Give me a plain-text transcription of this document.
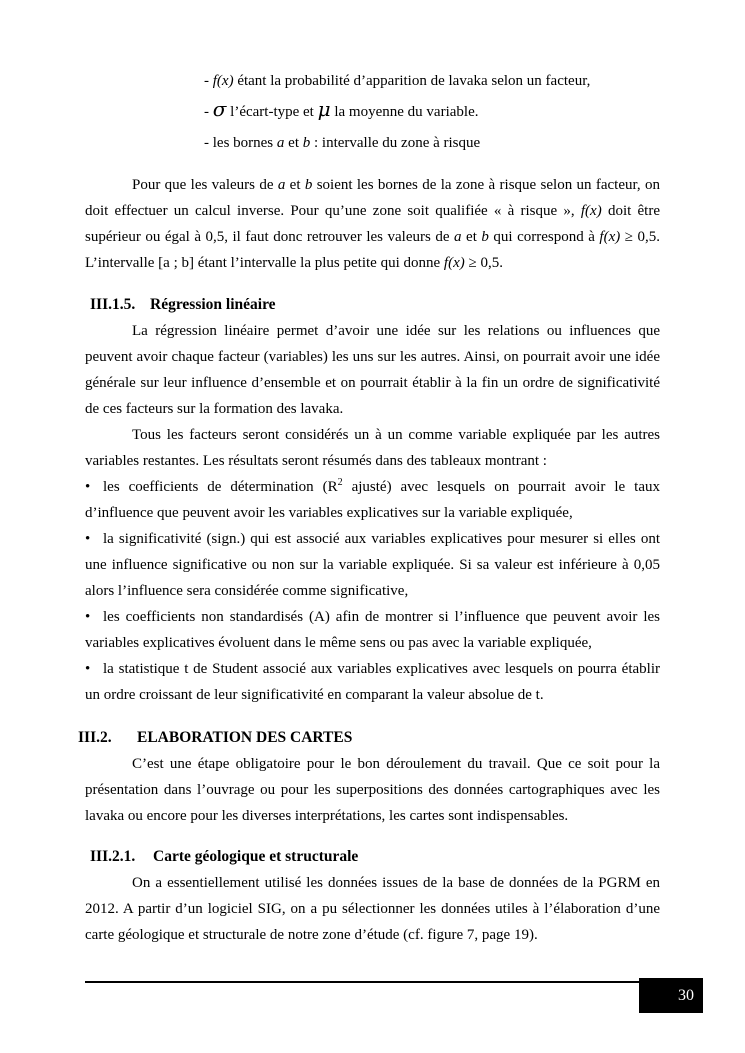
- f(x) étant la probabilité d’apparition de lavaka selon un facteur,

- σ l’écart-type et μ la moyenne du variable.

- les bornes a et b : intervalle du zone à risque

Pour que les valeurs de a et b soient les bornes de la zone à risque selon un facteur, on doit effectuer un calcul inverse. Pour qu’une zone soit qualifiée « à risque », f(x) doit être supérieur ou égal à 0,5, il faut donc retrouver les valeurs de a et b qui correspond à f(x) ≥ 0,5. L’intervalle [a ; b] étant l’intervalle la plus petite qui donne f(x) ≥ 0,5.

III.1.5. Régression linéaire

La régression linéaire permet d’avoir une idée sur les relations ou influences que peuvent avoir chaque facteur (variables) les uns sur les autres. Ainsi, on pourrait avoir une idée générale sur leur influence d’ensemble et on pourrait établir à la fin un ordre de significativité de ces facteurs sur la formation des lavaka.

Tous les facteurs seront considérés un à un comme variable expliquée par les autres variables restantes. Les résultats seront résumés dans des tableaux montrant :

• les coefficients de détermination ($R^2$ ajusté) avec lesquels on pourrait avoir le taux d’influence que peuvent avoir les variables explicatives sur la variable expliquée,

• la significativité (sign.) qui est associé aux variables explicatives pour mesurer si elles ont une influence significative ou non sur la variable expliquée. Si sa valeur est inférieure à 0,05 alors l’influence sera considérée comme significative,

• les coefficients non standardisés (A) afin de montrer si l’influence que peuvent avoir les variables explicatives évoluent dans le même sens ou pas avec la variable expliquée,

• la statistique t de Student associé aux variables explicatives avec lesquels on pourra établir un ordre croissant de leur significativité en comparant la valeur absolue de t.

III.2. ELABORATION DES CARTES

C’est une étape obligatoire pour le bon déroulement du travail. Que ce soit pour la présentation dans l’ouvrage ou pour les superpositions des données cartographiques avec les lavaka ou encore pour les diverses interprétations, les cartes sont indispensables.

III.2.1. Carte géologique et structurale

On a essentiellement utilisé les données issues de la base de données de la PGRM en 2012. A partir d’un logiciel SIG, on a pu sélectionner les données utiles à l’élaboration d’une carte géologique et structurale de notre zone d’étude (cf. figure 7, page 19).

30
